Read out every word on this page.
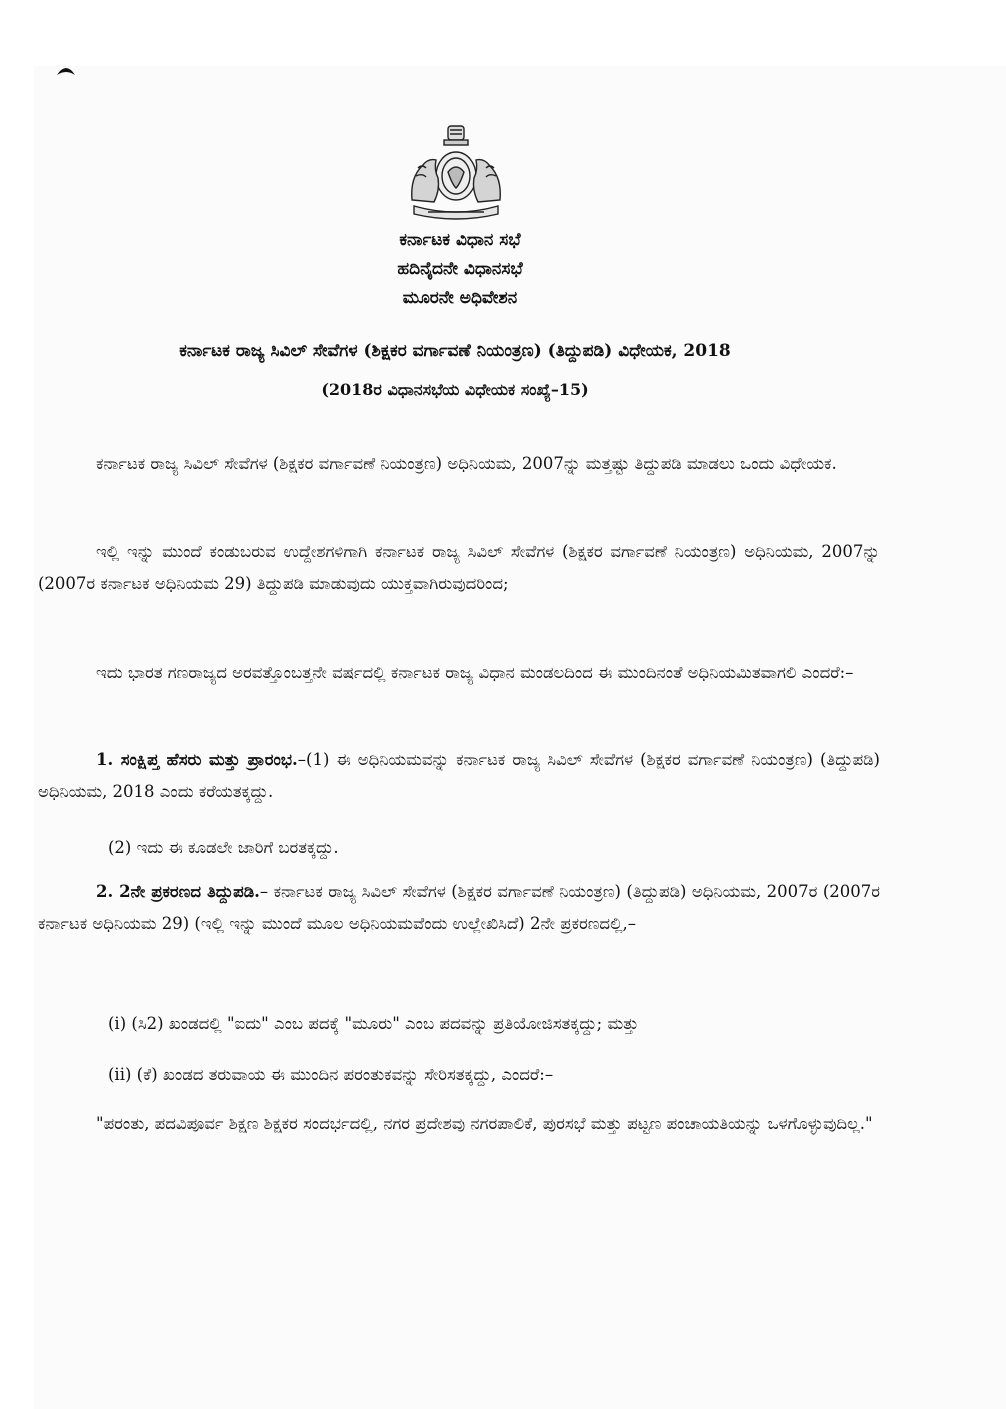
ಕರ್ನಾಟಕ ವಿಧಾನ ಸಭೆ
ಹದಿನೈದನೇ ವಿಧಾನಸಭೆ
ಮೂರನೇ ಅಧಿವೇಶನ
ಕರ್ನಾಟಕ ರಾಜ್ಯ ಸಿವಿಲ್ ಸೇವೆಗಳ (ಶಿಕ್ಷಕರ ವರ್ಗಾವಣೆ ನಿಯಂತ್ರಣ) (ತಿದ್ದುಪಡಿ) ವಿಧೇಯಕ, 2018
(2018ರ ವಿಧಾನಸಭೆಯ ವಿಧೇಯಕ ಸಂಖ್ಯೆ–15)
ಕರ್ನಾಟಕ ರಾಜ್ಯ ಸಿವಿಲ್ ಸೇವೆಗಳ (ಶಿಕ್ಷಕರ ವರ್ಗಾವಣೆ ನಿಯಂತ್ರಣ) ಅಧಿನಿಯಮ, 2007ನ್ನು ಮತ್ತಷ್ಟು ತಿದ್ದುಪಡಿ ಮಾಡಲು ಒಂದು ವಿಧೇಯಕ.
ಇಲ್ಲಿ ಇನ್ನು ಮುಂದೆ ಕಂಡುಬರುವ ಉದ್ದೇಶಗಳಿಗಾಗಿ ಕರ್ನಾಟಕ ರಾಜ್ಯ ಸಿವಿಲ್ ಸೇವೆಗಳ (ಶಿಕ್ಷಕರ ವರ್ಗಾವಣೆ ನಿಯಂತ್ರಣ) ಅಧಿನಿಯಮ, 2007ನ್ನು (2007ರ ಕರ್ನಾಟಕ ಅಧಿನಿಯಮ 29) ತಿದ್ದುಪಡಿ ಮಾಡುವುದು ಯುಕ್ತವಾಗಿರುವುದರಿಂದ;
ಇದು ಭಾರತ ಗಣರಾಜ್ಯದ ಅರವತ್ತೊಂಬತ್ತನೇ ವರ್ಷದಲ್ಲಿ ಕರ್ನಾಟಕ ರಾಜ್ಯ ವಿಧಾನ ಮಂಡಲದಿಂದ ಈ ಮುಂದಿನಂತೆ ಅಧಿನಿಯಮಿತವಾಗಲಿ ಎಂದರೆ:–
1. ಸಂಕ್ಷಿಪ್ತ ಹೆಸರು ಮತ್ತು ಪ್ರಾರಂಭ.–(1) ಈ ಅಧಿನಿಯಮವನ್ನು ಕರ್ನಾಟಕ ರಾಜ್ಯ ಸಿವಿಲ್ ಸೇವೆಗಳ (ಶಿಕ್ಷಕರ ವರ್ಗಾವಣೆ ನಿಯಂತ್ರಣ) (ತಿದ್ದುಪಡಿ) ಅಧಿನಿಯಮ, 2018 ಎಂದು ಕರೆಯತಕ್ಕದ್ದು.
(2) ಇದು ಈ ಕೂಡಲೇ ಜಾರಿಗೆ ಬರತಕ್ಕದ್ದು.
2. 2ನೇ ಪ್ರಕರಣದ ತಿದ್ದುಪಡಿ.– ಕರ್ನಾಟಕ ರಾಜ್ಯ ಸಿವಿಲ್ ಸೇವೆಗಳ (ಶಿಕ್ಷಕರ ವರ್ಗಾವಣೆ ನಿಯಂತ್ರಣ) (ತಿದ್ದುಪಡಿ) ಅಧಿನಿಯಮ, 2007ರ (2007ರ ಕರ್ನಾಟಕ ಅಧಿನಿಯಮ 29) (ಇಲ್ಲಿ ಇನ್ನು ಮುಂದೆ ಮೂಲ ಅಧಿನಿಯಮವೆಂದು ಉಲ್ಲೇಖಿಸಿದೆ) 2ನೇ ಪ್ರಕರಣದಲ್ಲಿ,–
(i) (ಸಿ2) ಖಂಡದಲ್ಲಿ "ಐದು" ಎಂಬ ಪದಕ್ಕೆ "ಮೂರು" ಎಂಬ ಪದವನ್ನು ಪ್ರತಿಯೋಜಿಸತಕ್ಕದ್ದು; ಮತ್ತು
(ii) (ಕೆ) ಖಂಡದ ತರುವಾಯ ಈ ಮುಂದಿನ ಪರಂತುಕವನ್ನು ಸೇರಿಸತಕ್ಕದ್ದು, ಎಂದರೆ:–
"ಪರಂತು, ಪದವಿಪೂರ್ವ ಶಿಕ್ಷಣ ಶಿಕ್ಷಕರ ಸಂದರ್ಭದಲ್ಲಿ, ನಗರ ಪ್ರದೇಶವು ನಗರಪಾಲಿಕೆ, ಪುರಸಭೆ ಮತ್ತು ಪಟ್ಟಣ ಪಂಚಾಯತಿಯನ್ನು ಒಳಗೊಳ್ಳುವುದಿಲ್ಲ."
